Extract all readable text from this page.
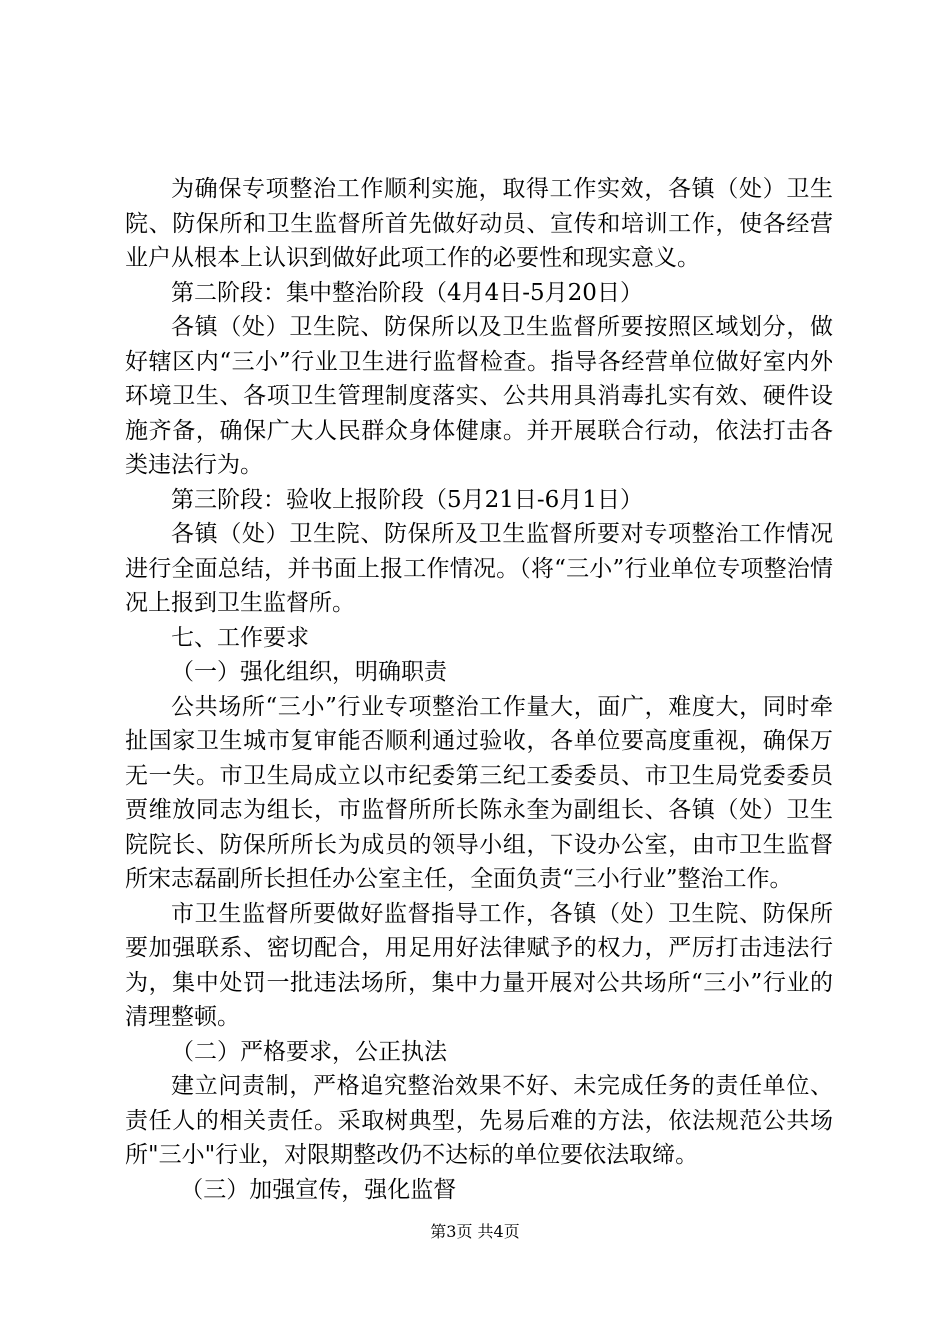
为确保专项整治工作顺利实施，取得工作实效，各镇（处）卫生院、防保所和卫生监督所首先做好动员、宣传和培训工作，使各经营业户从根本上认识到做好此项工作的必要性和现实意义。

第二阶段：集中整治阶段（4月4日-5月20日）

各镇（处）卫生院、防保所以及卫生监督所要按照区域划分，做好辖区内“三小”行业卫生进行监督检查。指导各经营单位做好室内外环境卫生、各项卫生管理制度落实、公共用具消毒扎实有效、硬件设施齐备，确保广大人民群众身体健康。并开展联合行动，依法打击各类违法行为。

第三阶段：验收上报阶段（5月21日-6月1日）

各镇（处）卫生院、防保所及卫生监督所要对专项整治工作情况进行全面总结，并书面上报工作情况。（将“三小”行业单位专项整治情况上报到卫生监督所。

七、工作要求

（一）强化组织，明确职责

公共场所“三小”行业专项整治工作量大，面广，难度大，同时牵扯国家卫生城市复审能否顺利通过验收，各单位要高度重视，确保万无一失。市卫生局成立以市纪委第三纪工委委员、市卫生局党委委员贾维放同志为组长，市监督所所长陈永奎为副组长、各镇（处）卫生院院长、防保所所长为成员的领导小组，下设办公室，由市卫生监督所宋志磊副所长担任办公室主任，全面负责“三小行业”整治工作。

市卫生监督所要做好监督指导工作，各镇（处）卫生院、防保所要加强联系、密切配合，用足用好法律赋予的权力，严厉打击违法行为，集中处罚一批违法场所，集中力量开展对公共场所“三小”行业的清理整顿。

（二）严格要求，公正执法

建立问责制，严格追究整治效果不好、未完成任务的责任单位、责任人的相关责任。采取树典型，先易后难的方法，依法规范公共场所"三小"行业，对限期整改仍不达标的单位要依法取缔。

（三）加强宣传，强化监督

第3页 共4页
